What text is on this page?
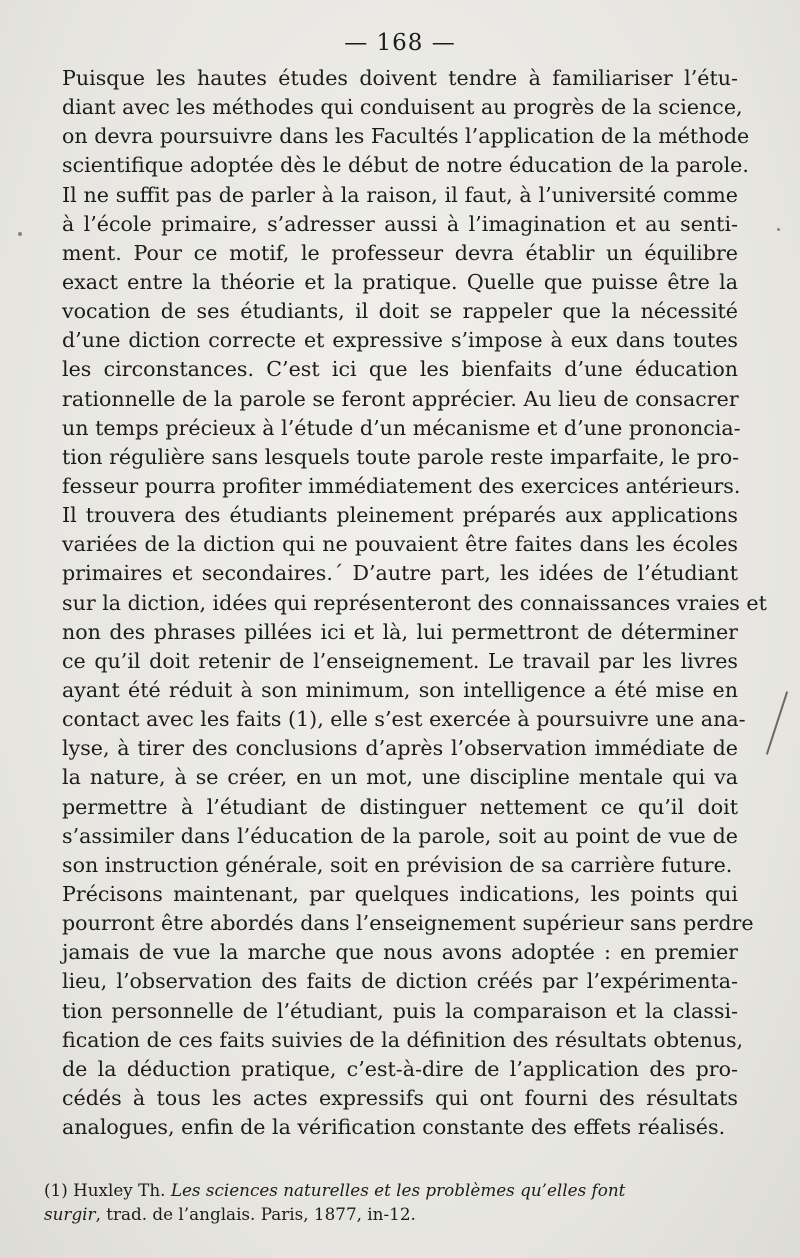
— 168 —

Puisque les hautes études doivent tendre à familiariser l’étu-
diant avec les méthodes qui conduisent au progrès de la science,
on devra poursuivre dans les Facultés l’application de la méthode
scientifique adoptée dès le début de notre éducation de la parole.
Il ne suffit pas de parler à la raison, il faut, à l’université comme
à l’école primaire, s’adresser aussi à l’imagination et au senti-
ment. Pour ce motif, le professeur devra établir un équilibre
exact entre la théorie et la pratique. Quelle que puisse être la
vocation de ses étudiants, il doit se rappeler que la nécessité
d’une diction correcte et expressive s’impose à eux dans toutes
les circonstances. C’est ici que les bienfaits d’une éducation
rationnelle de la parole se feront apprécier. Au lieu de consacrer
un temps précieux à l’étude d’un mécanisme et d’une prononcia-
tion régulière sans lesquels toute parole reste imparfaite, le pro-
fesseur pourra profiter immédiatement des exercices antérieurs.
Il trouvera des étudiants pleinement préparés aux applications
variées de la diction qui ne pouvaient être faites dans les écoles
primaires et secondaires.´ D’autre part, les idées de l’étudiant
sur la diction, idées qui représenteront des connaissances vraies et
non des phrases pillées ici et là, lui permettront de déterminer
ce qu’il doit retenir de l’enseignement. Le travail par les livres
ayant été réduit à son minimum, son intelligence a été mise en
contact avec les faits (1), elle s’est exercée à poursuivre une ana-
lyse, à tirer des conclusions d’après l’observation immédiate de
la nature, à se créer, en un mot, une discipline mentale qui va
permettre à l’étudiant de distinguer nettement ce qu’il doit
s’assimiler dans l’éducation de la parole, soit au point de vue de
son instruction générale, soit en prévision de sa carrière future.

Précisons maintenant, par quelques indications, les points qui
pourront être abordés dans l’enseignement supérieur sans perdre
jamais de vue la marche que nous avons adoptée : en premier
lieu, l’observation des faits de diction créés par l’expérimenta-
tion personnelle de l’étudiant, puis la comparaison et la classi-
fication de ces faits suivies de la définition des résultats obtenus,
de la déduction pratique, c’est-à-dire de l’application des pro-
cédés à tous les actes expressifs qui ont fourni des résultats
analogues, enfin de la vérification constante des effets réalisés.

(1) Huxley Th. Les sciences naturelles et les problèmes qu’elles font
surgir, trad. de l’anglais. Paris, 1877, in-12.
